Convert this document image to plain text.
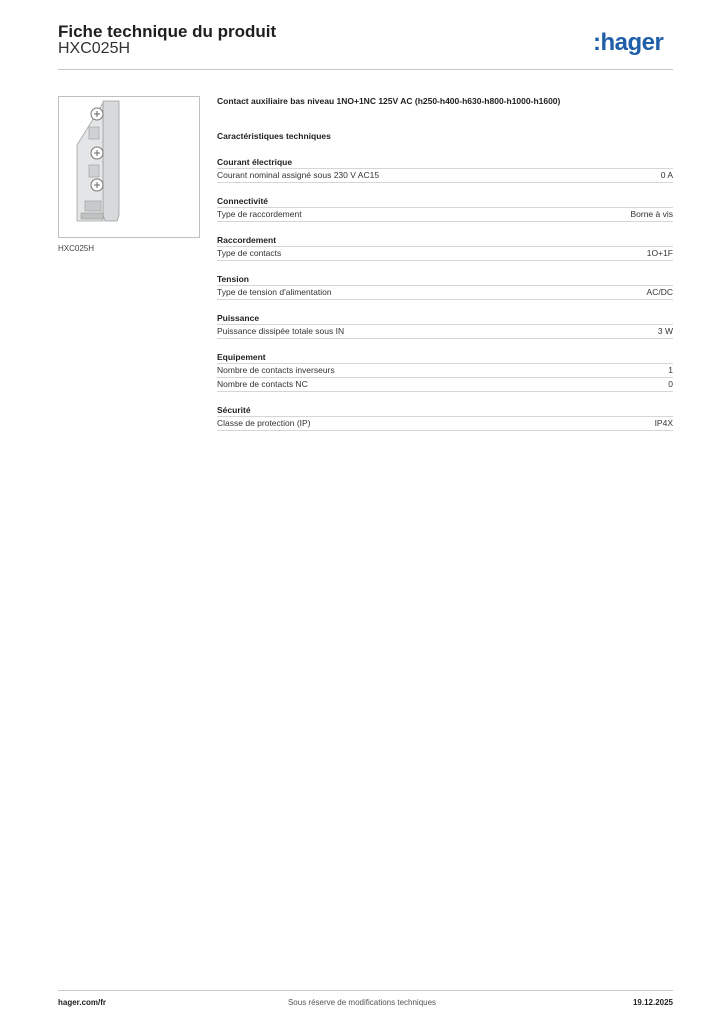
Fiche technique du produit
HXC025H	:hager
HXC025H
Contact auxiliaire bas niveau 1NO+1NC 125V AC (h250-h400-h630-h800-h1000-h1600)
Caractéristiques techniques
Courant électrique
Courant nominal assigné sous 230 V AC15	0 A
Connectivité
Type de raccordement	Borne à vis
Raccordement
Type de contacts	1O+1F
Tension
Type de tension d'alimentation	AC/DC
Puissance
Puissance dissipée totale sous IN	3 W
Equipement
Nombre de contacts inverseurs	1
Nombre de contacts NC	0
Sécurité
Classe de protection (IP)	IP4X
hager.com/fr	Sous réserve de modifications techniques	19.12.2025
